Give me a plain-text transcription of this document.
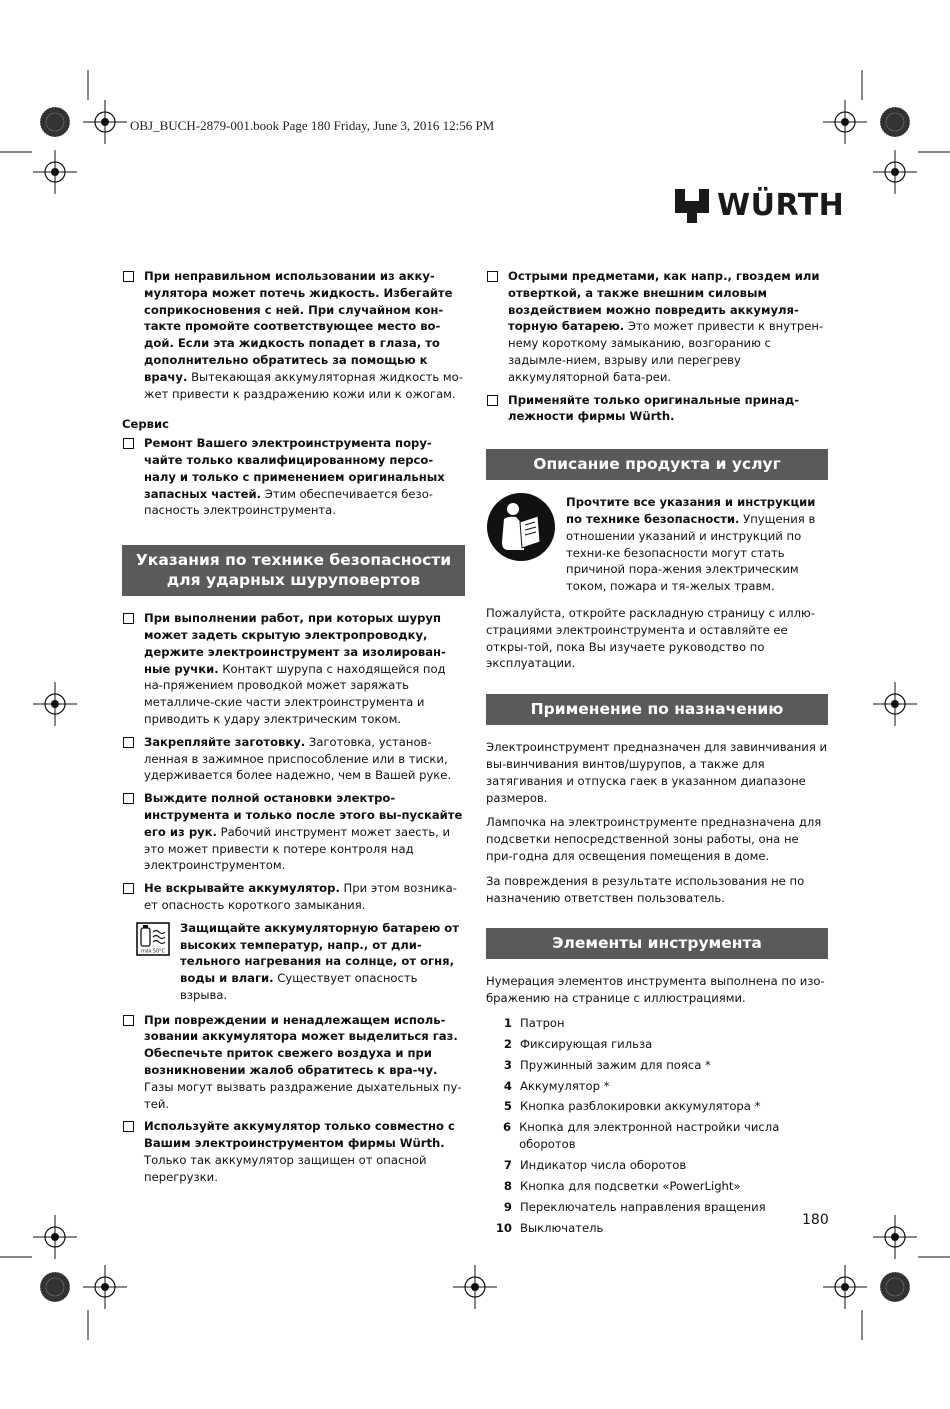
OBJ_BUCH-2879-001.book Page 180 Friday, June 3, 2016 12:56 PM
WÜRTH
При неправильном использовании из акку-мулятора может потечь жидкость. Избегайте соприкосновения с ней. При случайном кон-такте промойте соответствующее место во-дой. Если эта жидкость попадет в глаза, то дополнительно обратитесь за помощью к врачу. Вытекающая аккумуляторная жидкость мо-жет привести к раздражению кожи или к ожогам.
Сервис
Ремонт Вашего электроинструмента пору-чайте только квалифицированному персо-налу и только с применением оригинальных запасных частей. Этим обеспечивается безо-пасность электроинструмента.
Указания по технике безопасности для ударных шуруповертов
При выполнении работ, при которых шуруп может задеть скрытую электропроводку, держите электроинструмент за изолирован-ные ручки. Контакт шурупа с находящейся под на-пряжением проводкой может заряжать металличе-ские части электроинструмента и приводить к удару электрическим током.
Закрепляйте заготовку. Заготовка, установ-ленная в зажимное приспособление или в тиски, удерживается более надежно, чем в Вашей руке.
Выждите полной остановки электро-инструмента и только после этого вы-пускайте его из рук. Рабочий инструмент может заесть, и это может привести к потере контроля над электроинструментом.
Не вскрывайте аккумулятор. При этом возника-ет опасность короткого замыкания.
max 50°C
Защищайте аккумуляторную батарею от высоких температур, напр., от дли-тельного нагревания на солнце, от огня, воды и влаги. Существует опасность взрыва.
При повреждении и ненадлежащем исполь-зовании аккумулятора может выделиться газ. Обеспечьте приток свежего воздуха и при возникновении жалоб обратитесь к вра-чу. Газы могут вызвать раздражение дыхательных пу-тей.
Используйте аккумулятор только совместно с Вашим электроинструментом фирмы Würth. Только так аккумулятор защищен от опасной перегрузки.
Острыми предметами, как напр., гвоздем или отверткой, а также внешним силовым воздействием можно повредить аккумуля-торную батарею. Это может привести к внутрен-нему короткому замыканию, возгоранию с задымле-нием, взрыву или перегреву аккумуляторной бата-реи.
Применяйте только оригинальные принад-лежности фирмы Würth.
Описание продукта и услуг
Прочтите все указания и инструкции по технике безопасности. Упущения в отношении указаний и инструкций по техни-ке безопасности могут стать причиной пора-жения электрическим током, пожара и тя-желых травм.

Пожалуйста, откройте раскладную страницу с иллю-страциями электроинструмента и оставляйте ее откры-той, пока Вы изучаете руководство по эксплуатации.

Применение по назначению

Электроинструмент предназначен для завинчивания и вы-винчивания винтов/шурупов, а также для затягивания и отпуска гаек в указанном диапазоне размеров.

Лампочка на электроинструменте предназначена для подсветки непосредственной зоны работы, она не при-годна для освещения помещения в доме.

За повреждения в результате использования не по назначению ответствен пользователь.

Элементы инструмента

Нумерация элементов инструмента выполнена по изо-бражению на странице с иллюстрациями.

1 Патрон
2 Фиксирующая гильза
3 Пружинный зажим для пояса *
4 Аккумулятор *
5 Кнопка разблокировки аккумулятора *
6 Кнопка для электронной настройки числа оборотов
7 Индикатор числа оборотов
8 Кнопка для подсветки «PowerLight»
9 Переключатель направления вращения
10 Выключатель	180
